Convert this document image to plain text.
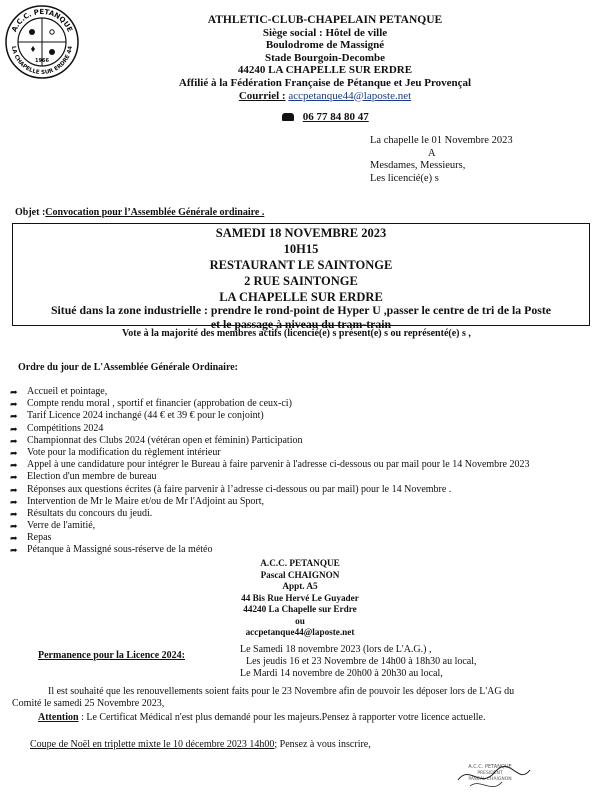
A.C.C. PETANQUE
LA CHAPELLE SUR ERDRE 44
1966
ATHLETIC-CLUB-CHAPELAIN PETANQUE
Siège social : Hôtel de ville
Boulodrome de Massigné
Stade Bourgoin-Decombe
44240 LA CHAPELLE SUR ERDRE
Affilié à la Fédération Française de Pétanque et Jeu Provençal
Courriel : accpetanque44@laposte.net
06 77 84 80 47
La chapelle le 01 Novembre 2023
A
Mesdames, Messieurs,
Les licencié(e) s
Objet :Convocation pour l’Assemblée Générale ordinaire .
SAMEDI 18 NOVEMBRE 2023
10H15
RESTAURANT LE SAINTONGE
2 RUE SAINTONGE
LA CHAPELLE SUR ERDRE
Situé dans la zone industrielle : prendre le rond-point de Hyper U ,passer le centre de tri de la Poste
et le passage à niveau du tram-train
Vote à la majorité des membres actifs (licencié(e) s présent(e) s ou représenté(e) s ,
Ordre du jour de L'Assemblée Générale Ordinaire:
➦ Accueil et pointage,
➦ Compte rendu moral , sportif et financier (approbation de ceux-ci)
➦ Tarif Licence 2024 inchangé (44 € et 39 € pour le conjoint)
➦ Compétitions 2024
➦ Championnat des Clubs 2024 (vétéran open et féminin) Participation
➦ Vote pour la modification du règlement intérieur
➦ Appel à une candidature pour intégrer le Bureau à faire parvenir à l'adresse ci-dessous ou par mail pour le 14 Novembre 2023
➦ Election d'un membre de bureau
➦ Réponses aux questions écrites (à faire parvenir à l’adresse ci-dessous ou par mail) pour le 14 Novembre .
➦ Intervention de Mr le Maire et/ou de Mr l'Adjoint au Sport,
➦ Résultats du concours du jeudi.
➦ Verre de l'amitié,
➦ Repas
➦ Pétanque à Massigné sous-réserve de la météo
A.C.C. PETANQUE
Pascal CHAIGNON
Appt. A5
44 Bis Rue Hervé Le Guyader
44240 La Chapelle sur Erdre
ou
accpetanque44@laposte.net
Permanence pour la Licence 2024:
Le Samedi 18 novembre 2023 (lors de L'A.G.) ,
Les jeudis 16 et 23 Novembre de 14h00 à 18h30 au local,
Le Mardi 14 novembre de 20h00 à 20h30 au local,
Il est souhaité que les renouvellements soient faits pour le 23 Novembre afin de pouvoir les déposer lors de L'AG du
Comité le samedi 25 Novembre 2023,
Attention : Le Certificat Médical n'est plus demandé pour les majeurs.Pensez à rapporter votre licence actuelle.
Coupe de Noël en triplette mixte le 10 décembre 2023 14h00; Pensez à vous inscrire,
A.C.C. PETANQUE
PRESIDENT
PASCAL CHAIGNON
